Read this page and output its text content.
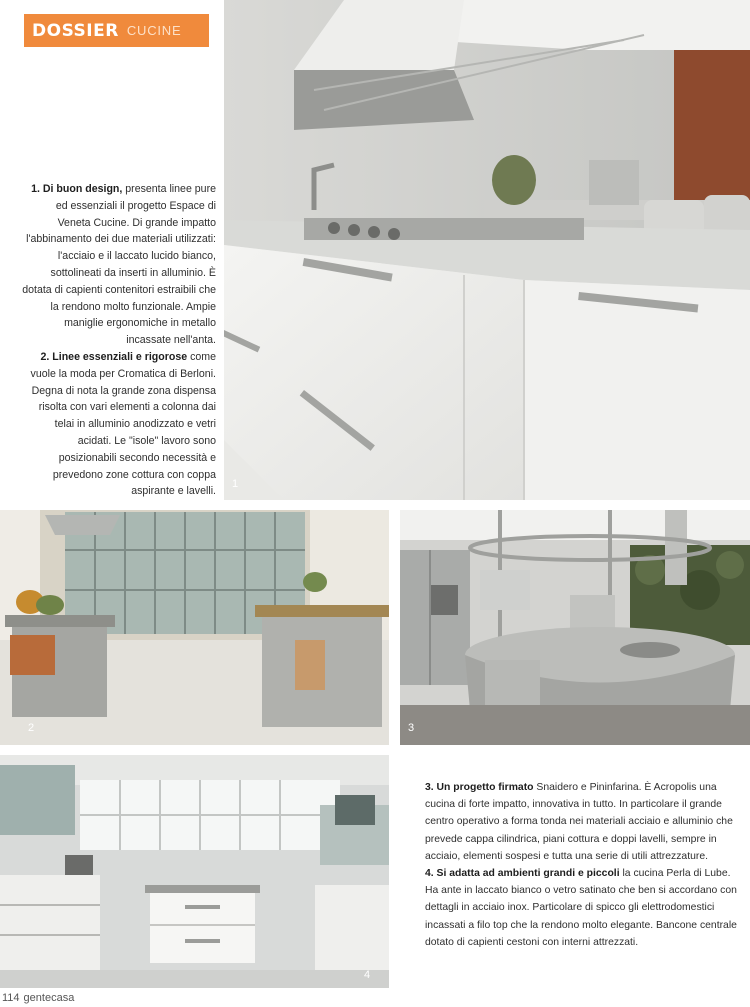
DOSSIER CUCINE
1

1. Di buon design, presenta linee pure ed essenziali il progetto Espace di Veneta Cucine. Di grande impatto l'abbinamento dei due materiali utilizzati: l'acciaio e il laccato lucido bianco, sottolineati da inserti in alluminio. È dotata di capienti contenitori estraibili che la rendono molto funzionale. Ampie maniglie ergonomiche in metallo incassate nell'anta.

2. Linee essenziali e rigorose come vuole la moda per Cromatica di Berloni. Degna di nota la grande zona dispensa risolta con vari elementi a colonna dai telai in alluminio anodizzato e vetri acidati. Le "isole" lavoro sono posizionabili secondo necessità e prevedono zone cottura con coppa aspirante e lavelli.

2	3
4

3. Un progetto firmato Snaidero e Pininfarina. È Acropolis una cucina di forte impatto, innovativa in tutto. In particolare il grande centro operativo a forma tonda nei materiali acciaio e alluminio che prevede cappa cilindrica, piani cottura e doppi lavelli, sempre in acciaio, elementi sospesi e tutta una serie di utili attrezzature.

4. Si adatta ad ambienti grandi e piccoli la cucina Perla di Lube. Ha ante in laccato bianco o vetro satinato che ben si accordano con dettagli in acciaio inox. Particolare di spicco gli elettrodomestici incassati a filo top che la rendono molto elegante. Bancone centrale dotato di capienti cestoni con interni attrezzati.

114 gentecasa
